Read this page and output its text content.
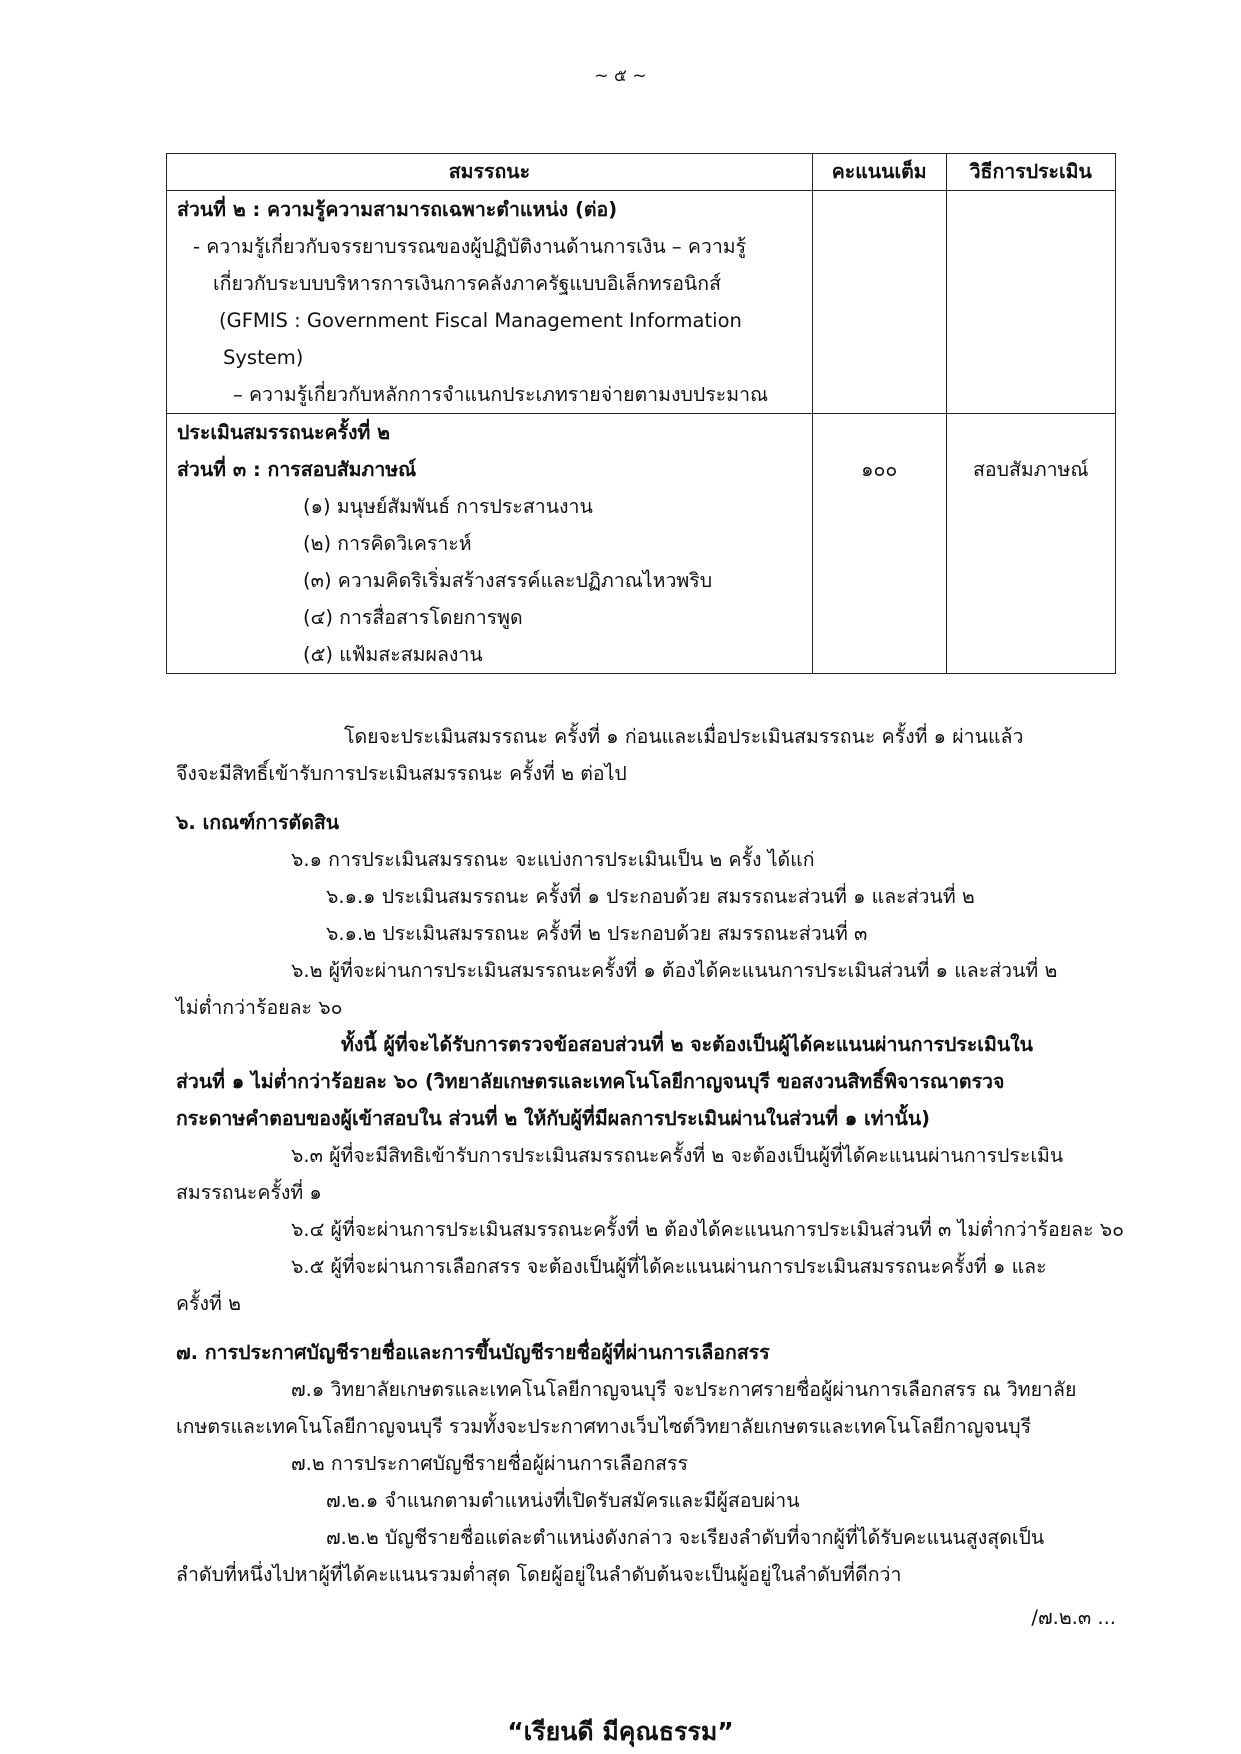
~ ๕ ~
สมรรถนะ	คะแนนเต็ม	วิธีการประเมิน

ส่วนที่ ๒ : ความรู้ความสามารถเฉพาะตำแหน่ง (ต่อ)
- ความรู้เกี่ยวกับจรรยาบรรณของผู้ปฏิบัติงานด้านการเงิน – ความรู้
เกี่ยวกับระบบบริหารการเงินการคลังภาครัฐแบบอิเล็กทรอนิกส์
(GFMIS : Government Fiscal Management Information
System)
– ความรู้เกี่ยวกับหลักการจำแนกประเภทรายจ่ายตามงบประมาณ

ประเมินสมรรถนะครั้งที่ ๒
ส่วนที่ ๓ : การสอบสัมภาษณ์
(๑) มนุษย์สัมพันธ์ การประสานงาน
(๒) การคิดวิเคราะห์
(๓) ความคิดริเริ่มสร้างสรรค์และปฏิภาณไหวพริบ
(๔) การสื่อสารโดยการพูด
(๕) แฟ้มสะสมผลงาน

๑๐๐	สอบสัมภาษณ์
โดยจะประเมินสมรรถนะ ครั้งที่ ๑ ก่อนและเมื่อประเมินสมรรถนะ ครั้งที่ ๑ ผ่านแล้ว
จึงจะมีสิทธิ์เข้ารับการประเมินสมรรถนะ ครั้งที่ ๒ ต่อไป
๖. เกณฑ์การตัดสิน
๖.๑ การประเมินสมรรถนะ จะแบ่งการประเมินเป็น ๒ ครั้ง ได้แก่
๖.๑.๑ ประเมินสมรรถนะ ครั้งที่ ๑ ประกอบด้วย สมรรถนะส่วนที่ ๑ และส่วนที่ ๒
๖.๑.๒ ประเมินสมรรถนะ ครั้งที่ ๒ ประกอบด้วย สมรรถนะส่วนที่ ๓
๖.๒ ผู้ที่จะผ่านการประเมินสมรรถนะครั้งที่ ๑ ต้องได้คะแนนการประเมินส่วนที่ ๑ และส่วนที่ ๒
ไม่ต่ำกว่าร้อยละ ๖๐
ทั้งนี้ ผู้ที่จะได้รับการตรวจข้อสอบส่วนที่ ๒ จะต้องเป็นผู้ได้คะแนนผ่านการประเมินใน
ส่วนที่ ๑ ไม่ต่ำกว่าร้อยละ ๖๐ (วิทยาลัยเกษตรและเทคโนโลยีกาญจนบุรี ขอสงวนสิทธิ์พิจารณาตรวจ
กระดาษคำตอบของผู้เข้าสอบใน ส่วนที่ ๒ ให้กับผู้ที่มีผลการประเมินผ่านในส่วนที่ ๑ เท่านั้น)
๖.๓ ผู้ที่จะมีสิทธิเข้ารับการประเมินสมรรถนะครั้งที่ ๒ จะต้องเป็นผู้ที่ได้คะแนนผ่านการประเมิน
สมรรถนะครั้งที่ ๑
๖.๔ ผู้ที่จะผ่านการประเมินสมรรถนะครั้งที่ ๒ ต้องได้คะแนนการประเมินส่วนที่ ๓ ไม่ต่ำกว่าร้อยละ ๖๐
๖.๕ ผู้ที่จะผ่านการเลือกสรร จะต้องเป็นผู้ที่ได้คะแนนผ่านการประเมินสมรรถนะครั้งที่ ๑ และ
ครั้งที่ ๒
๗. การประกาศบัญชีรายชื่อและการขึ้นบัญชีรายชื่อผู้ที่ผ่านการเลือกสรร
๗.๑ วิทยาลัยเกษตรและเทคโนโลยีกาญจนบุรี จะประกาศรายชื่อผู้ผ่านการเลือกสรร ณ วิทยาลัย
เกษตรและเทคโนโลยีกาญจนบุรี รวมทั้งจะประกาศทางเว็บไซต์วิทยาลัยเกษตรและเทคโนโลยีกาญจนบุรี
๗.๒ การประกาศบัญชีรายชื่อผู้ผ่านการเลือกสรร
๗.๒.๑ จำแนกตามตำแหน่งที่เปิดรับสมัครและมีผู้สอบผ่าน
๗.๒.๒ บัญชีรายชื่อแต่ละตำแหน่งดังกล่าว จะเรียงลำดับที่จากผู้ที่ได้รับคะแนนสูงสุดเป็น
ลำดับที่หนึ่งไปหาผู้ที่ได้คะแนนรวมต่ำสุด โดยผู้อยู่ในลำดับต้นจะเป็นผู้อยู่ในลำดับที่ดีกว่า
/๗.๒.๓ ...
“เรียนดี มีคุณธรรม”
